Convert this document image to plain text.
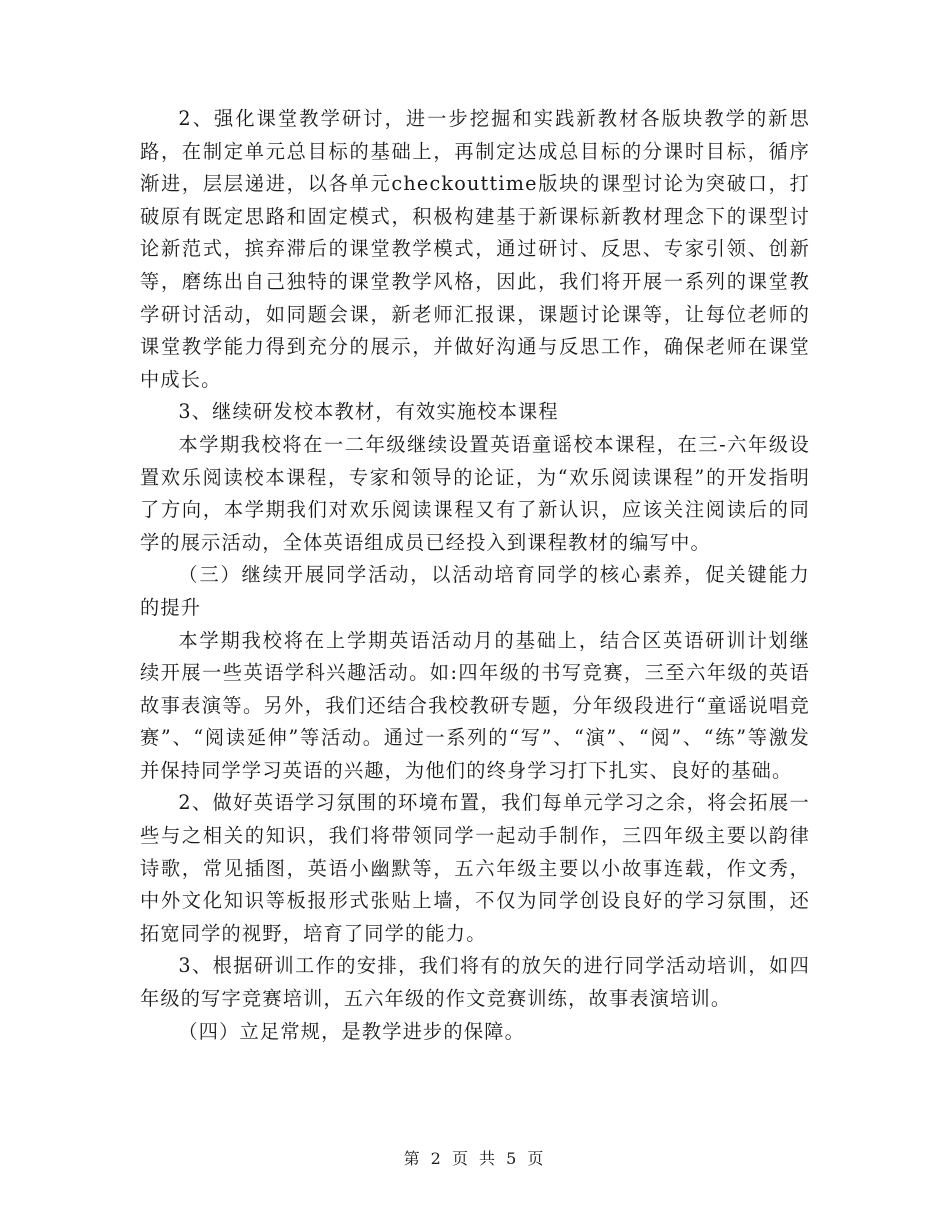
2、强化课堂教学研讨，进一步挖掘和实践新教材各版块教学的新思路，在制定单元总目标的基础上，再制定达成总目标的分课时目标，循序渐进，层层递进，以各单元checkouttime版块的课型讨论为突破口，打破原有既定思路和固定模式，积极构建基于新课标新教材理念下的课型讨论新范式，摈弃滞后的课堂教学模式，通过研讨、反思、专家引领、创新等，磨练出自己独特的课堂教学风格，因此，我们将开展一系列的课堂教学研讨活动，如同题会课，新老师汇报课，课题讨论课等，让每位老师的课堂教学能力得到充分的展示，并做好沟通与反思工作，确保老师在课堂中成长。

3、继续研发校本教材，有效实施校本课程

本学期我校将在一二年级继续设置英语童谣校本课程，在三-六年级设置欢乐阅读校本课程，专家和领导的论证，为“欢乐阅读课程”的开发指明了方向，本学期我们对欢乐阅读课程又有了新认识，应该关注阅读后的同学的展示活动，全体英语组成员已经投入到课程教材的编写中。

（三）继续开展同学活动，以活动培育同学的核心素养，促关键能力的提升

本学期我校将在上学期英语活动月的基础上，结合区英语研训计划继续开展一些英语学科兴趣活动。如:四年级的书写竞赛，三至六年级的英语故事表演等。另外，我们还结合我校教研专题，分年级段进行“童谣说唱竞赛”、“阅读延伸”等活动。通过一系列的“写”、“演”、“阅”、“练”等激发并保持同学学习英语的兴趣，为他们的终身学习打下扎实、良好的基础。

2、做好英语学习氛围的环境布置，我们每单元学习之余，将会拓展一些与之相关的知识，我们将带领同学一起动手制作，三四年级主要以韵律诗歌，常见插图，英语小幽默等，五六年级主要以小故事连载，作文秀，中外文化知识等板报形式张贴上墙，不仅为同学创设良好的学习氛围，还拓宽同学的视野，培育了同学的能力。

3、根据研训工作的安排，我们将有的放矢的进行同学活动培训，如四年级的写字竞赛培训，五六年级的作文竞赛训练，故事表演培训。

（四）立足常规，是教学进步的保障。

第 2 页 共 5 页
